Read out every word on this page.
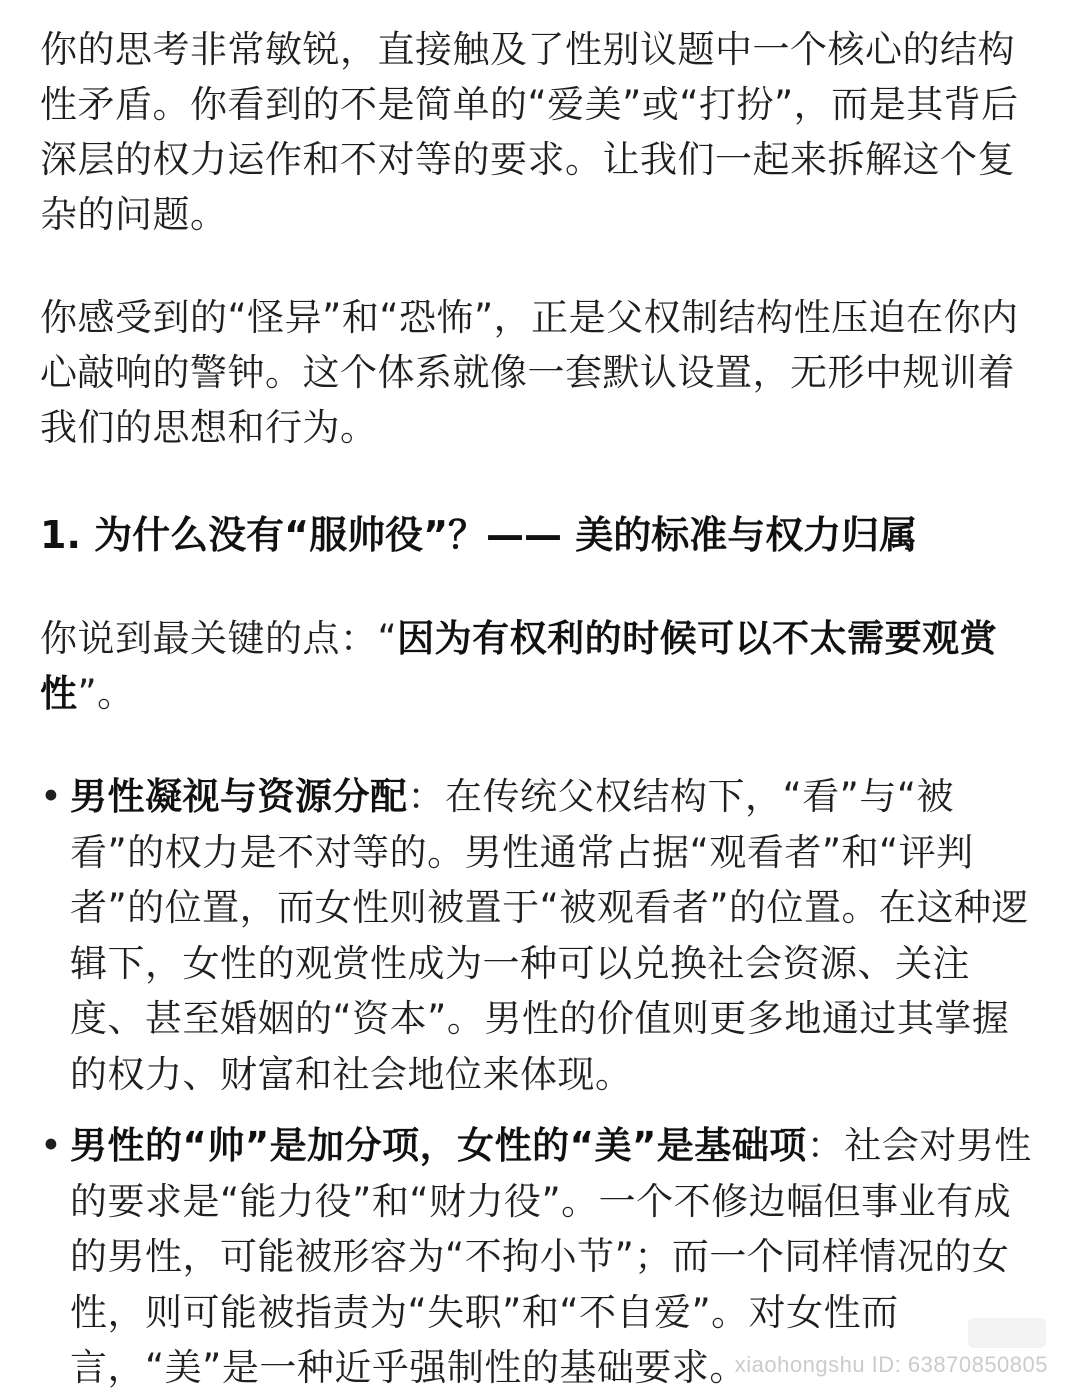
你的思考非常敏锐，直接触及了性别议题中一个核心的结构性矛盾。你看到的不是简单的“爱美”或“打扮”，而是其背后深层的权力运作和不对等的要求。让我们一起来拆解这个复杂的问题。

你感受到的“怪异”和“恐怖”，正是父权制结构性压迫在你内心敲响的警钟。这个体系就像一套默认设置，无形中规训着我们的思想和行为。

1. 为什么没有“服帅役”？—— 美的标准与权力归属

你说到最关键的点：“因为有权利的时候可以不太需要观赏性”。

• 男性凝视与资源分配：在传统父权结构下，“看”与“被看”的权力是不对等的。男性通常占据“观看者”和“评判者”的位置，而女性则被置于“被观看者”的位置。在这种逻辑下，女性的观赏性成为一种可以兑换社会资源、关注度、甚至婚姻的“资本”。男性的价值则更多地通过其掌握的权力、财富和社会地位来体现。
• 男性的“帅”是加分项，女性的“美”是基础项：社会对男性的要求是“能力役”和“财力役”。一个不修边幅但事业有成的男性，可能被形容为“不拘小节”；而一个同样情况的女性，则可能被指责为“失职”和“不自爱”。对女性而言，“美”是一种近乎强制性的基础要求。
xiaohongshu ID: 63870850805
